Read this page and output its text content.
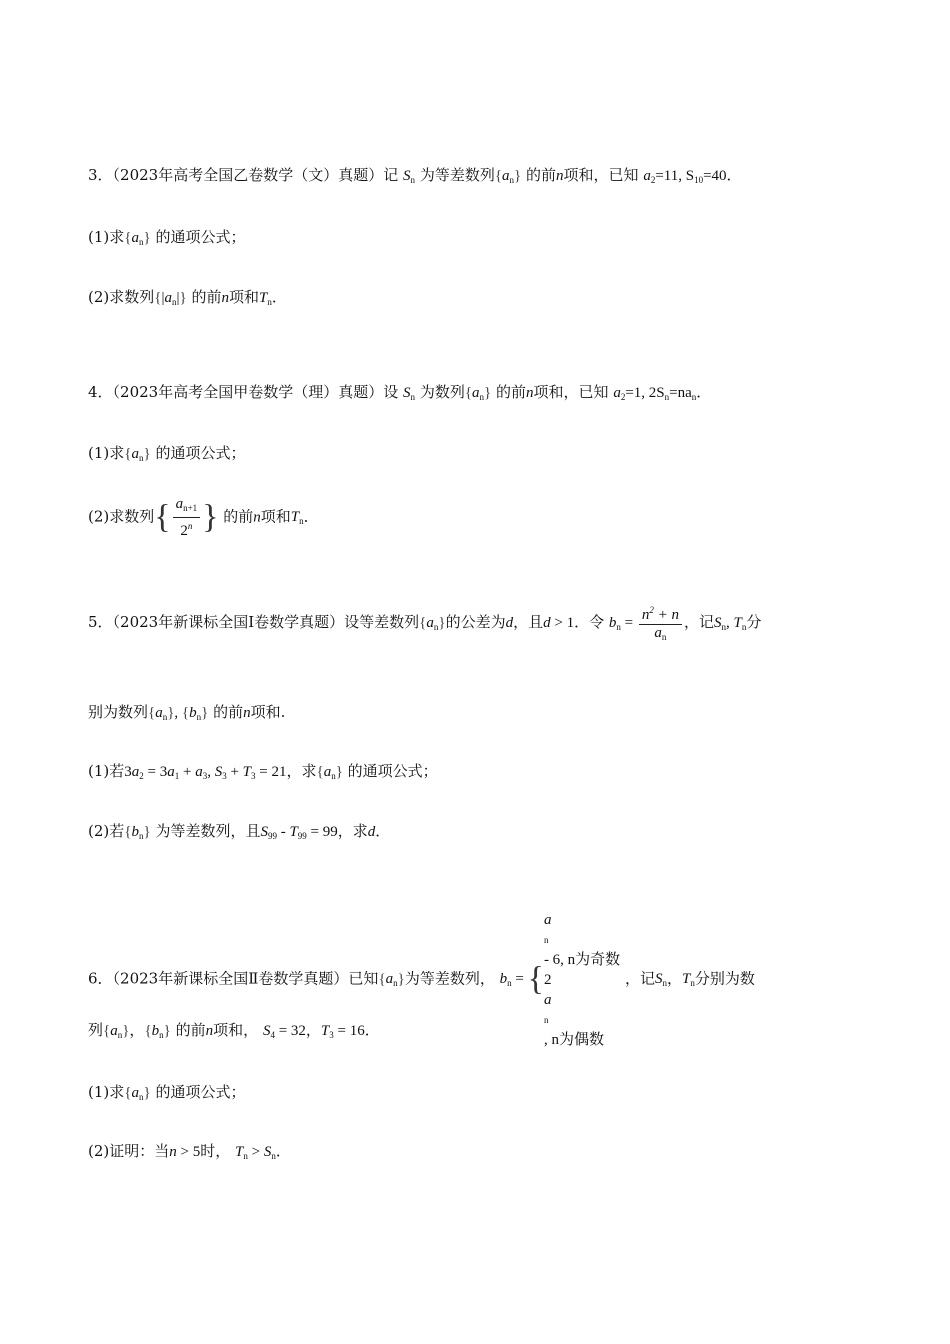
3．（2023年高考全国乙卷数学（文）真题）记 $S_n$ 为等差数列$\{a_n\}$ 的前n项和，已知 $a_2=11$, $S_{10}=40$．
(1)求$\{a_n\}$ 的通项公式；
(2)求数列$\{|a_n|\}$ 的前n项和$T_n$．
4．（2023年高考全国甲卷数学（理）真题）设 $S_n$ 为数列$\{a_n\}$ 的前n项和，已知 $a_2=1$, $2S_n=na_n$．
(1)求$\{a_n\}$ 的通项公式；
(2)求数列{ $\frac{a_{n+1}}{2^n}$ } 的前n项和$T_n$．
5．（2023年新课标全国Ⅰ卷数学真题）设等差数列$\{a_n\}$的公差为d，且d > 1．令 $b_n = \frac{n^2 + n}{a_n}$ ，记$S_n$, $T_n$分
别为数列$\{a_n\}$, $\{b_n\}$ 的前n项和.
(1)若$3a_2 = 3a_1 + a_3$, $S_3 + T_3 = 21$，求$\{a_n\}$ 的通项公式；
(2)若$\{b_n\}$ 为等差数列，且$S_{99} - T_{99} = 99$，求d．
6．（2023年新课标全国Ⅱ卷数学真题）已知$\{a_n\}$为等差数列， $b_n$ = {
a
n
- 6, n为奇数
2
a
n
, n为偶数
，记$S_n$，$T_n$分别为数
列$\{a_n\}$，$\{b_n\}$ 的前n项和， $S_4 = 32$，$T_3 = 16$．
(1)求$\{a_n\}$ 的通项公式；
(2)证明：当n > 5时， $T_n > S_n$．
